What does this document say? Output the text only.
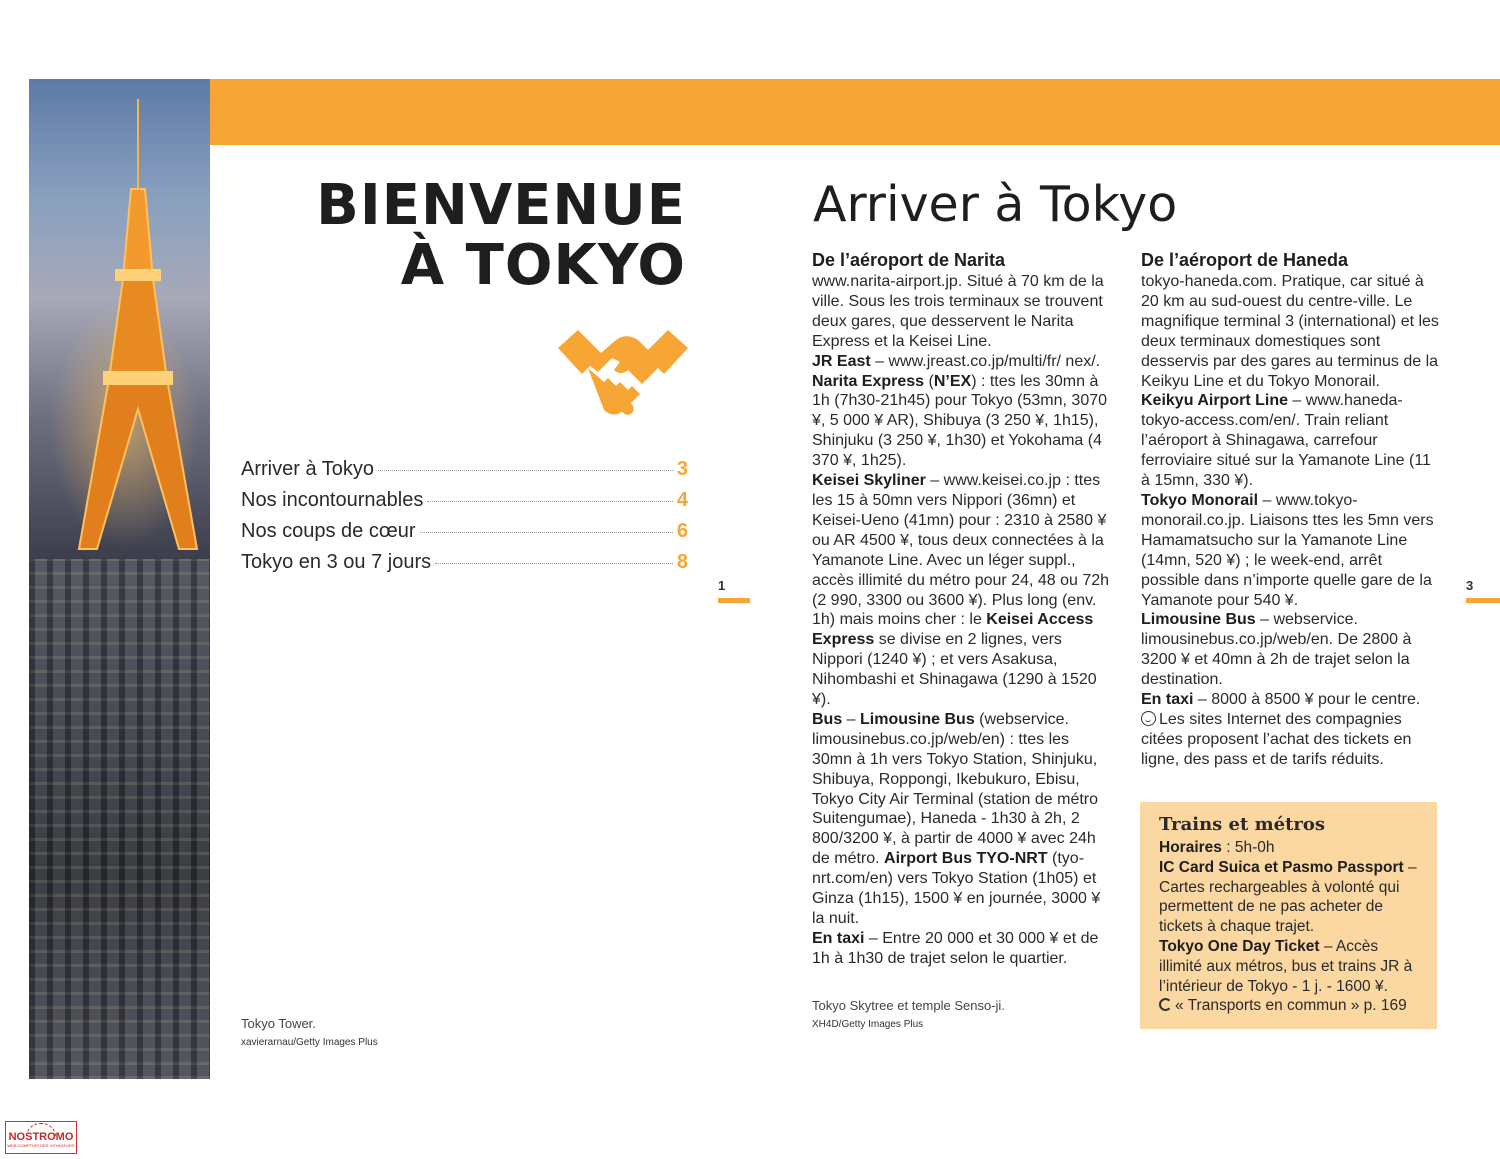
BIENVENUE
À TOKYO
Arriver à Tokyo	3
Nos incontournables	4
Nos coups de cœur	6
Tokyo en 3 ou 7 jours	8
1	3
Tokyo Tower.
xavierarnau/Getty Images Plus
Arriver à Tokyo
De l’aéroport de Narita

www.narita-airport.jp. Situé à 70 km de la ville. Sous les trois terminaux se trouvent deux gares, que desservent le Narita Express et la Keisei Line.

JR East – www.jreast.co.jp/multi/fr/ nex/. Narita Express (N’EX) : ttes les 30mn à 1h (7h30-21h45) pour Tokyo (53mn, 3070 ¥, 5 000 ¥ AR), Shibuya (3 250 ¥, 1h15), Shinjuku (3 250 ¥, 1h30) et Yokohama (4 370 ¥, 1h25).

Keisei Skyliner – www.keisei.co.jp : ttes les 15 à 50mn vers Nippori (36mn) et Keisei-Ueno (41mn) pour : 2310 à 2580 ¥ ou AR 4500 ¥, tous deux connectées à la Yamanote Line. Avec un léger suppl., accès illimité du métro pour 24, 48 ou 72h (2 990, 3300 ou 3600 ¥). Plus long (env. 1h) mais moins cher : le Keisei Access Express se divise en 2 lignes, vers Nippori (1240 ¥) ; et vers Asakusa, Nihombashi et Shinagawa (1290 à 1520 ¥).

Bus – Limousine Bus (webservice. limousinebus.co.jp/web/en) : ttes les 30mn à 1h vers Tokyo Station, Shinjuku, Shibuya, Roppongi, Ikebukuro, Ebisu, Tokyo City Air Terminal (station de métro Suitengumae), Haneda - 1h30 à 2h, 2 800/3200 ¥, à partir de 4000 ¥ avec 24h de métro. Airport Bus TYO-NRT (tyo-nrt.com/en) vers Tokyo Station (1h05) et Ginza (1h15), 1500 ¥ en journée, 3000 ¥ la nuit.

En taxi – Entre 20 000 et 30 000 ¥ et de 1h à 1h30 de trajet selon le quartier.

De l’aéroport de Haneda

tokyo-haneda.com. Pratique, car situé à 20 km au sud-ouest du centre-ville. Le magnifique terminal 3 (international) et les deux terminaux domestiques sont desservis par des gares au terminus de la Keikyu Line et du Tokyo Monorail.

Keikyu Airport Line – www.haneda-tokyo-access.com/en/. Train reliant l’aéroport à Shinagawa, carrefour ferroviaire situé sur la Yamanote Line (11 à 15mn, 330 ¥).

Tokyo Monorail – www.tokyo-monorail.co.jp. Liaisons ttes les 5mn vers Hamamatsucho sur la Yamanote Line (14mn, 520 ¥) ; le week-end, arrêt possible dans n’importe quelle gare de la Yamanote pour 540 ¥.

Limousine Bus – webservice. limousinebus.co.jp/web/en. De 2800 à 3200 ¥ et 40mn à 2h de trajet selon la destination.

En taxi – 8000 à 8500 ¥ pour le centre.

Les sites Internet des compagnies citées proposent l’achat des tickets en ligne, des pass et de tarifs réduits.

Trains et métros

Horaires : 5h-0h

IC Card Suica et Pasmo Passport – Cartes rechargeables à volonté qui permettent de ne pas acheter de tickets à chaque trajet.

Tokyo One Day Ticket – Accès illimité aux métros, bus et trains JR à l’intérieur de Tokyo - 1 j. - 1600 ¥.

« Transports en commun » p. 169

Tokyo Skytree et temple Senso-ji.
XH4D/Getty Images Plus
NOSTROMO
WEB COMPTOIR DES VOYAGEURS
